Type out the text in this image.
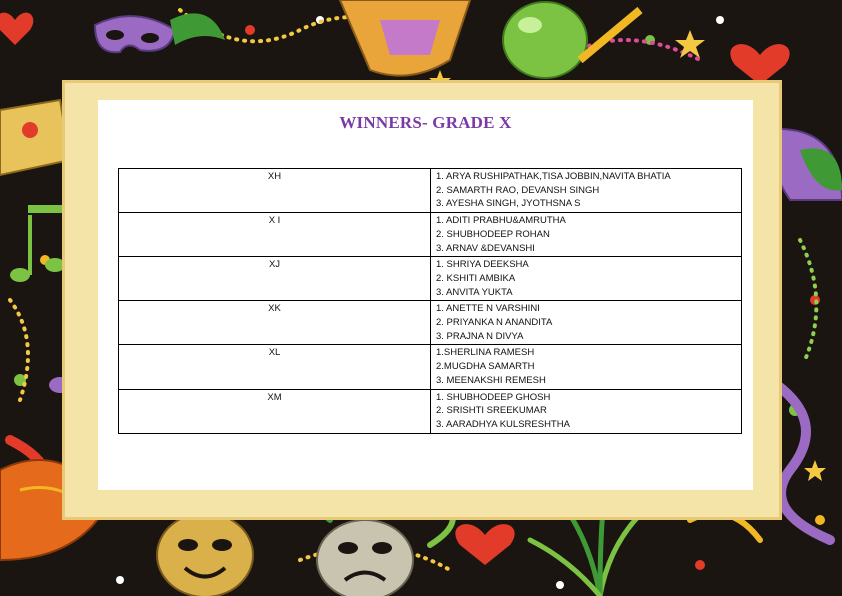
WINNERS- GRADE X
XH	1. ARYA RUSHIPATHAK,TISA JOBBIN,NAVITA BHATIA
2. SAMARTH RAO, DEVANSH SINGH
3. AYESHA SINGH, JYOTHSNA S

X I	1. ADITI PRABHU&AMRUTHA
2. SHUBHODEEP ROHAN
3. ARNAV &DEVANSHI

XJ	1. SHRIYA DEEKSHA
2. KSHITI AMBIKA
3. ANVITA YUKTA

XK	1. ANETTE N VARSHINI
2. PRIYANKA N ANANDITA
3. PRAJNA N DIVYA

XL	1.SHERLINA RAMESH
2.MUGDHA SAMARTH
3. MEENAKSHI REMESH

XM	1. SHUBHODEEP GHOSH
2. SRISHTI SREEKUMAR
3. AARADHYA KULSRESHTHA
